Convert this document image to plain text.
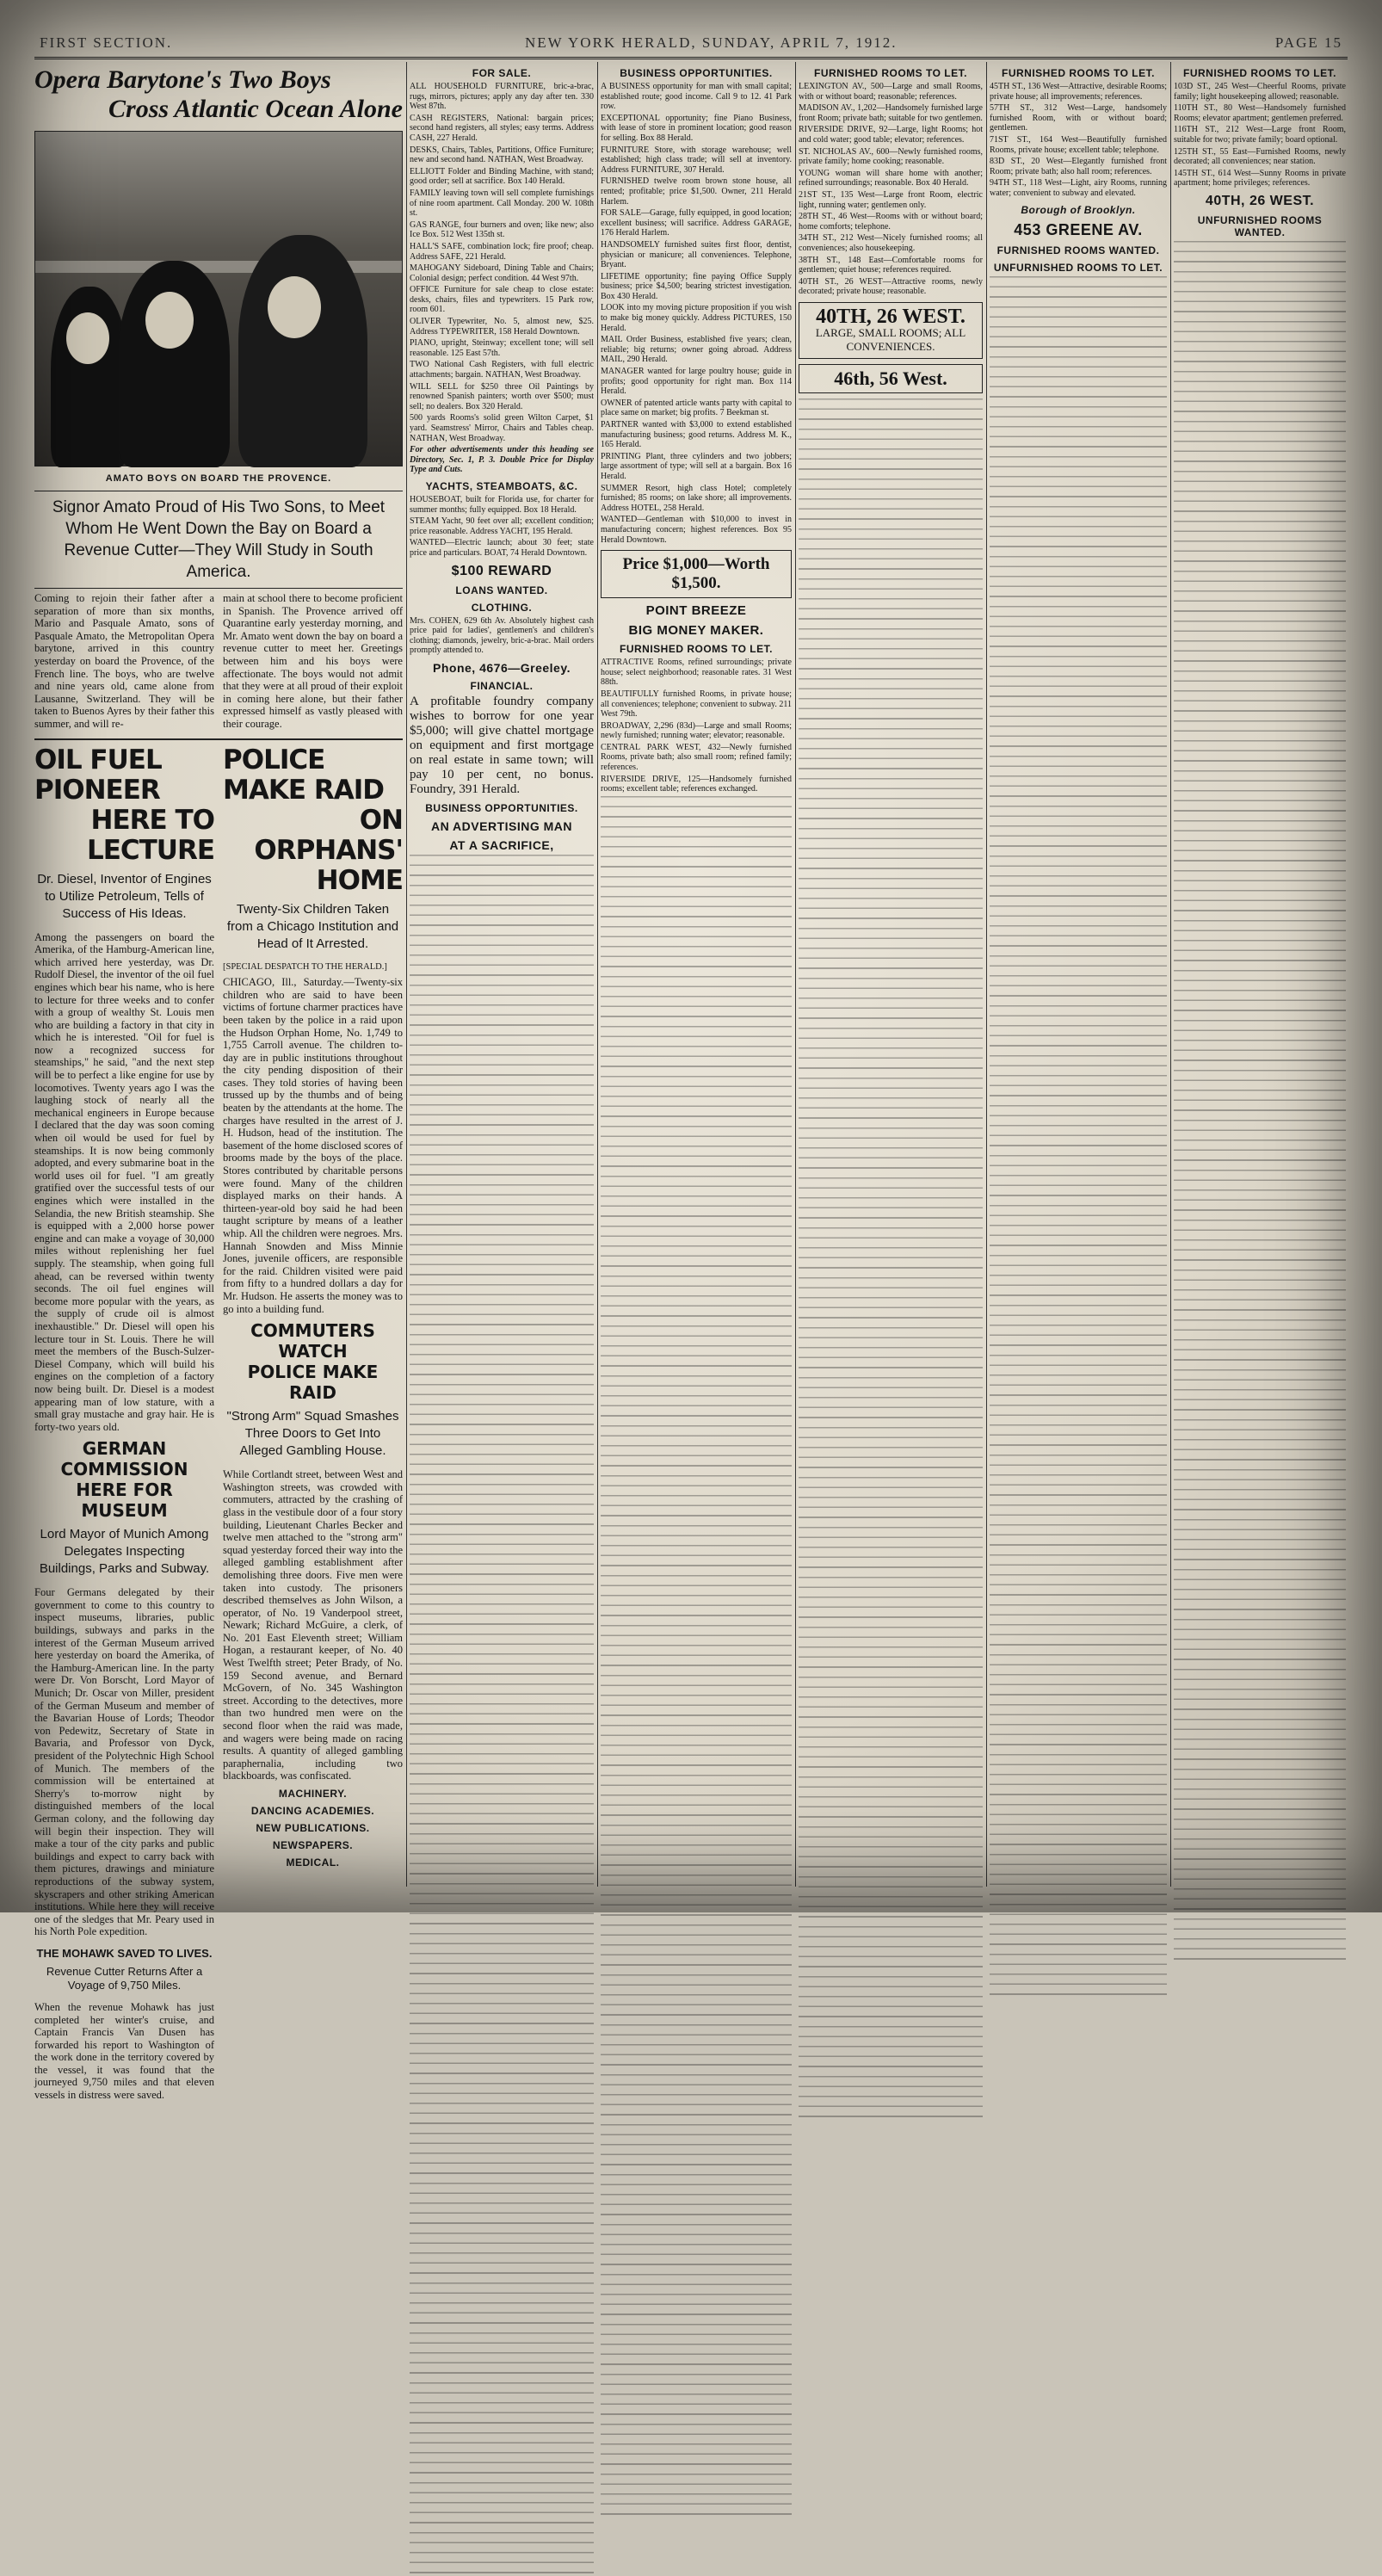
FIRST SECTION.	NEW YORK HERALD, SUNDAY, APRIL 7, 1912.	PAGE 15
Opera Barytone's Two Boys
Cross Atlantic Ocean Alone
AMATO BOYS ON BOARD THE PROVENCE.
Signor Amato Proud of His Two Sons, to Meet Whom He Went Down the Bay on Board a Revenue Cutter—They Will Study in South America.

Coming to rejoin their father after a separation of more than six months, Mario and Pasquale Amato, sons of Pasquale Amato, the Metropolitan Opera barytone, arrived in this country yesterday on board the Provence, of the French line. The boys, who are twelve and nine years old, came alone from Lausanne, Switzerland. They will be taken to Buenos Ayres by their father this summer, and will re-

main at school there to become proficient in Spanish. The Provence arrived off Quarantine early yesterday morning, and Mr. Amato went down the bay on board a revenue cutter to meet her. Greetings between him and his boys were affectionate. The boys would not admit that they were at all proud of their exploit in coming here alone, but their father expressed himself as vastly pleased with their courage.

OIL FUEL PIONEER
HERE TO LECTURE
Dr. Diesel, Inventor of Engines to Utilize Petroleum, Tells of Success of His Ideas.

Among the passengers on board the Amerika, of the Hamburg-American line, which arrived here yesterday, was Dr. Rudolf Diesel, the inventor of the oil fuel engines which bear his name, who is here to lecture for three weeks and to confer with a group of wealthy St. Louis men who are building a factory in that city in which he is interested. "Oil for fuel is now a recognized success for steamships," he said, "and the next step will be to perfect a like engine for use by locomotives. Twenty years ago I was the laughing stock of nearly all the mechanical engineers in Europe because I declared that the day was soon coming when oil would be used for fuel by steamships. It is now being commonly adopted, and every submarine boat in the world uses oil for fuel. "I am greatly gratified over the successful tests of our engines which were installed in the Selandia, the new British steamship. She is equipped with a 2,000 horse power engine and can make a voyage of 30,000 miles without replenishing her fuel supply. The steamship, when going full ahead, can be reversed within twenty seconds. The oil fuel engines will become more popular with the years, as the supply of crude oil is almost inexhaustible." Dr. Diesel will open his lecture tour in St. Louis. There he will meet the members of the Busch-Sulzer-Diesel Company, which will build his engines on the completion of a factory now being built. Dr. Diesel is a modest appearing man of low stature, with a small gray mustache and gray hair. He is forty-two years old.

GERMAN COMMISSION
HERE FOR MUSEUM
Lord Mayor of Munich Among Delegates Inspecting Buildings, Parks and Subway.

Four Germans delegated by their government to come to this country to inspect museums, libraries, public buildings, subways and parks in the interest of the German Museum arrived here yesterday on board the Amerika, of the Hamburg-American line. In the party were Dr. Von Borscht, Lord Mayor of Munich; Dr. Oscar von Miller, president of the German Museum and member of the Bavarian House of Lords; Theodor von Pedewitz, Secretary of State in Bavaria, and Professor von Dyck, president of the Polytechnic High School of Munich. The members of the commission will be entertained at Sherry's to-morrow night by distinguished members of the local German colony, and the following day will begin their inspection. They will make a tour of the city parks and public buildings and expect to carry back with them pictures, drawings and miniature reproductions of the subway system, skyscrapers and other striking American institutions. While here they will receive one of the sledges that Mr. Peary used in his North Pole expedition.

THE MOHAWK SAVED TO LIVES.
Revenue Cutter Returns After a Voyage of 9,750 Miles.

When the revenue Mohawk has just completed her winter's cruise, and Captain Francis Van Dusen has forwarded his report to Washington of the work done in the territory covered by the vessel, it was found that the journeyed 9,750 miles and that eleven vessels in distress were saved.

POLICE MAKE RAID
ON ORPHANS' HOME
Twenty-Six Children Taken from a Chicago Institution and Head of It Arrested.

[SPECIAL DESPATCH TO THE HERALD.]

CHICAGO, Ill., Saturday.—Twenty-six children who are said to have been victims of fortune charmer practices have been taken by the police in a raid upon the Hudson Orphan Home, No. 1,749 to 1,755 Carroll avenue. The children to-day are in public institutions throughout the city pending disposition of their cases. They told stories of having been trussed up by the thumbs and of being beaten by the attendants at the home. The charges have resulted in the arrest of J. H. Hudson, head of the institution. The basement of the home disclosed scores of brooms made by the boys of the place. Stores contributed by charitable persons were found. Many of the children displayed marks on their hands. A thirteen-year-old boy said he had been taught scripture by means of a leather whip. All the children were negroes. Mrs. Hannah Snowden and Miss Minnie Jones, juvenile officers, are responsible for the raid. Children visited were paid from fifty to a hundred dollars a day for Mr. Hudson. He asserts the money was to go into a building fund.

COMMUTERS WATCH
POLICE MAKE RAID
"Strong Arm" Squad Smashes Three Doors to Get Into Alleged Gambling House.

While Cortlandt street, between West and Washington streets, was crowded with commuters, attracted by the crashing of glass in the vestibule door of a four story building, Lieutenant Charles Becker and twelve men attached to the "strong arm" squad yesterday forced their way into the alleged gambling establishment after demolishing three doors. Five men were taken into custody. The prisoners described themselves as John Wilson, a operator, of No. 19 Vanderpool street, Newark; Richard McGuire, a clerk, of No. 201 East Eleventh street; William Hogan, a restaurant keeper, of No. 40 West Twelfth street; Peter Brady, of No. 159 Second avenue, and Bernard McGovern, of No. 345 Washington street. According to the detectives, more than two hundred men were on the second floor when the raid was made, and wagers were being made on racing results. A quantity of alleged gambling paraphernalia, including two blackboards, was confiscated.

MACHINERY.
DANCING ACADEMIES.
NEW PUBLICATIONS.
NEWSPAPERS.
MEDICAL.
FOR SALE.

ALL HOUSEHOLD FURNITURE, bric-a-brac, rugs, mirrors, pictures; apply any day after ten. 330 West 87th.

CASH REGISTERS, National: bargain prices; second hand registers, all styles; easy terms. Address CASH, 227 Herald.

DESKS, Chairs, Tables, Partitions, Office Furniture; new and second hand. NATHAN, West Broadway.

ELLIOTT Folder and Binding Machine, with stand; good order; sell at sacrifice. Box 140 Herald.

FAMILY leaving town will sell complete furnishings of nine room apartment. Call Monday. 200 W. 108th st.

GAS RANGE, four burners and oven; like new; also Ice Box. 512 West 135th st.

HALL'S SAFE, combination lock; fire proof; cheap. Address SAFE, 221 Herald.

MAHOGANY Sideboard, Dining Table and Chairs; Colonial design; perfect condition. 44 West 97th.

OFFICE Furniture for sale cheap to close estate: desks, chairs, files and typewriters. 15 Park row, room 601.

OLIVER Typewriter, No. 5, almost new, $25. Address TYPEWRITER, 158 Herald Downtown.

PIANO, upright, Steinway; excellent tone; will sell reasonable. 125 East 57th.

TWO National Cash Registers, with full electric attachments; bargain. NATHAN, West Broadway.

WILL SELL for $250 three Oil Paintings by renowned Spanish painters; worth over $500; must sell; no dealers. Box 320 Herald.

500 yards Rooms's solid green Wilton Carpet, $1 yard. Seamstress' Mirror, Chairs and Tables cheap. NATHAN, West Broadway.

For other advertisements under this heading see Directory, Sec. 1, P. 3. Double Price for Display Type and Cuts.

YACHTS, STEAMBOATS, &C.

HOUSEBOAT, built for Florida use, for charter for summer months; fully equipped. Box 18 Herald.

STEAM Yacht, 90 feet over all; excellent condition; price reasonable. Address YACHT, 195 Herald.

WANTED—Electric launch; about 30 feet; state price and particulars. BOAT, 74 Herald Downtown.

$100 REWARD
LOANS WANTED.
CLOTHING.

Mrs. COHEN, 629 6th Av. Absolutely highest cash price paid for ladies', gentlemen's and children's clothing; diamonds, jewelry, bric-a-brac. Mail orders promptly attended to.

Phone, 4676—Greeley.
FINANCIAL.

A profitable foundry company wishes to borrow for one year $5,000; will give chattel mortgage on equipment and first mortgage on real estate in same town; will pay 10 per cent, no bonus. Foundry, 391 Herald.

BUSINESS OPPORTUNITIES.
AN ADVERTISING MAN
AT A SACRIFICE,
BUSINESS OPPORTUNITIES.

A BUSINESS opportunity for man with small capital; established route; good income. Call 9 to 12. 41 Park row.

EXCEPTIONAL opportunity; fine Piano Business, with lease of store in prominent location; good reason for selling. Box 88 Herald.

FURNITURE Store, with storage warehouse; well established; high class trade; will sell at inventory. Address FURNITURE, 307 Herald.

FURNISHED twelve room brown stone house, all rented; profitable; price $1,500. Owner, 211 Herald Harlem.

FOR SALE—Garage, fully equipped, in good location; excellent business; will sacrifice. Address GARAGE, 176 Herald Harlem.

HANDSOMELY furnished suites first floor, dentist, physician or manicure; all conveniences. Telephone, Bryant.

LIFETIME opportunity; fine paying Office Supply business; price $4,500; bearing strictest investigation. Box 430 Herald.

LOOK into my moving picture proposition if you wish to make big money quickly. Address PICTURES, 150 Herald.

MAIL Order Business, established five years; clean, reliable; big returns; owner going abroad. Address MAIL, 290 Herald.

MANAGER wanted for large poultry house; guide in profits; good opportunity for right man. Box 114 Herald.

OWNER of patented article wants party with capital to place same on market; big profits. 7 Beekman st.

PARTNER wanted with $3,000 to extend established manufacturing business; good returns. Address M. K., 165 Herald.

PRINTING Plant, three cylinders and two jobbers; large assortment of type; will sell at a bargain. Box 16 Herald.

SUMMER Resort, high class Hotel; completely furnished; 85 rooms; on lake shore; all improvements. Address HOTEL, 258 Herald.

WANTED—Gentleman with $10,000 to invest in manufacturing concern; highest references. Box 95 Herald Downtown.

Price $1,000—Worth $1,500.
POINT BREEZE
BIG MONEY MAKER.
FURNISHED ROOMS TO LET.

ATTRACTIVE Rooms, refined surroundings; private house; select neighborhood; reasonable rates. 31 West 88th.

BEAUTIFULLY furnished Rooms, in private house; all conveniences; telephone; convenient to subway. 211 West 79th.

BROADWAY, 2,296 (83d)—Large and small Rooms; newly furnished; running water; elevator; reasonable.

CENTRAL PARK WEST, 432—Newly furnished Rooms, private bath; also small room; refined family; references.

RIVERSIDE DRIVE, 125—Handsomely furnished rooms; excellent table; references exchanged.

FURNISHED ROOMS TO LET.

LEXINGTON AV., 500—Large and small Rooms, with or without board; reasonable; references.

MADISON AV., 1,202—Handsomely furnished large front Room; private bath; suitable for two gentlemen.

RIVERSIDE DRIVE, 92—Large, light Rooms; hot and cold water; good table; elevator; references.

ST. NICHOLAS AV., 600—Newly furnished rooms, private family; home cooking; reasonable.

YOUNG woman will share home with another; refined surroundings; reasonable. Box 40 Herald.

21ST ST., 135 West—Large front Room, electric light, running water; gentlemen only.

28TH ST., 46 West—Rooms with or without board; home comforts; telephone.

34TH ST., 212 West—Nicely furnished rooms; all conveniences; also housekeeping.

38TH ST., 148 East—Comfortable rooms for gentlemen; quiet house; references required.

40TH ST., 26 WEST—Attractive rooms, newly decorated; private house; reasonable.

40TH, 26 WEST.
LARGE, SMALL ROOMS; ALL CONVENIENCES.
46th, 56 West.
FURNISHED ROOMS TO LET.

45TH ST., 136 West—Attractive, desirable Rooms; private house; all improvements; references.

57TH ST., 312 West—Large, handsomely furnished Room, with or without board; gentlemen.

71ST ST., 164 West—Beautifully furnished Rooms, private house; excellent table; telephone.

83D ST., 20 West—Elegantly furnished front Room; private bath; also hall room; references.

94TH ST., 118 West—Light, airy Rooms, running water; convenient to subway and elevated.

Borough of Brooklyn.
453 GREENE AV.
FURNISHED ROOMS WANTED.
UNFURNISHED ROOMS TO LET.
FURNISHED ROOMS TO LET.

103D ST., 245 West—Cheerful Rooms, private family; light housekeeping allowed; reasonable.

110TH ST., 80 West—Handsomely furnished Rooms; elevator apartment; gentlemen preferred.

116TH ST., 212 West—Large front Room, suitable for two; private family; board optional.

125TH ST., 55 East—Furnished Rooms, newly decorated; all conveniences; near station.

145TH ST., 614 West—Sunny Rooms in private apartment; home privileges; references.

40TH, 26 WEST.
UNFURNISHED ROOMS WANTED.
